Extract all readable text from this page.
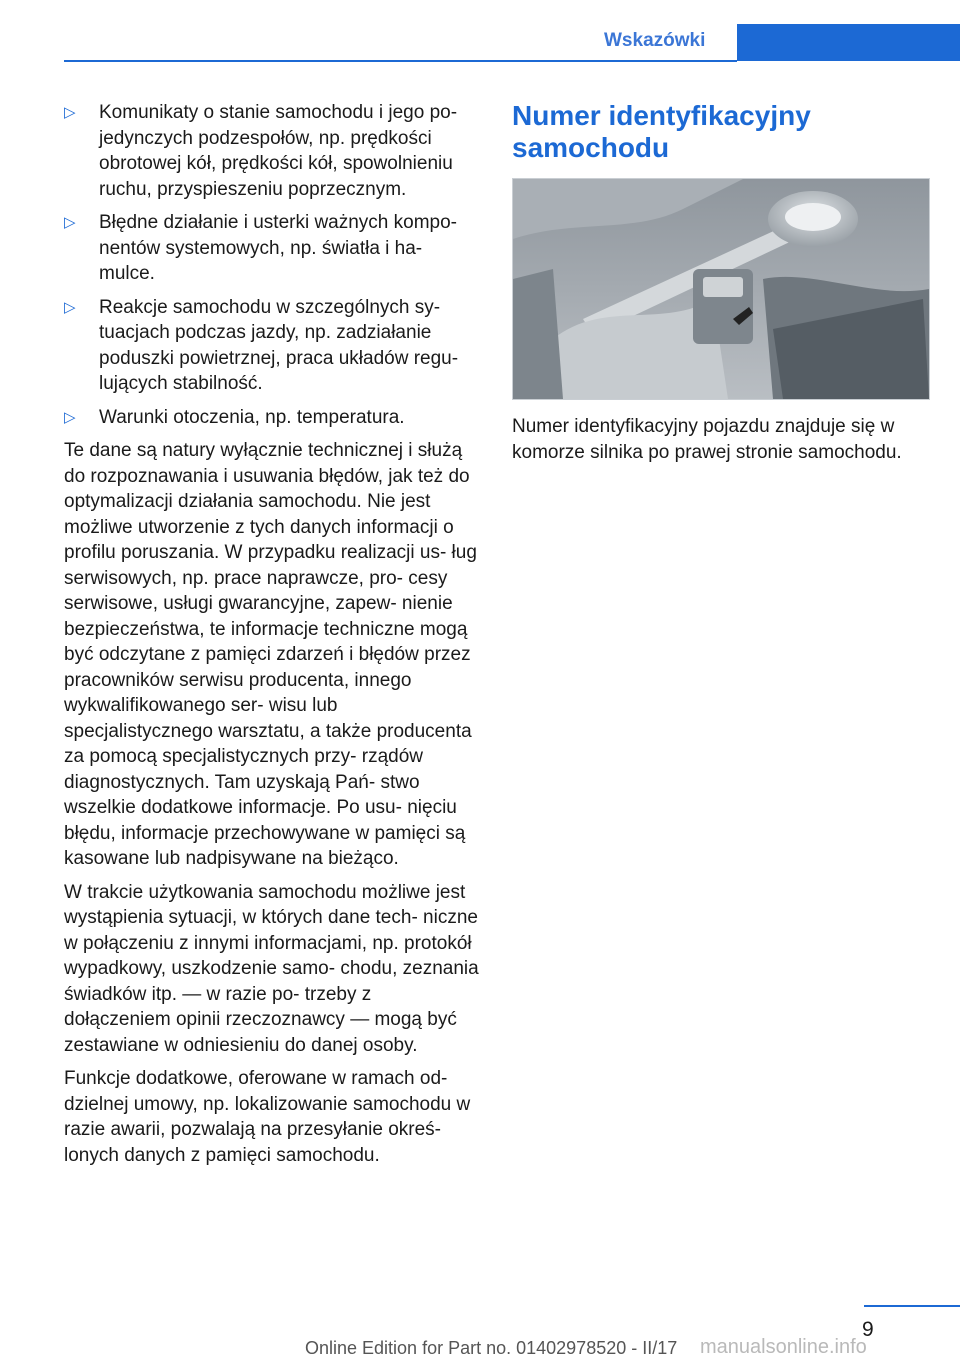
Wskazówki
▷ Komunikaty o stanie samochodu i jego po‐ jedynczych podzespołów, np. prędkości obrotowej kół, prędkości kół, spowolnieniu ruchu, przyspieszeniu poprzecznym.
▷ Błędne działanie i usterki ważnych kompo‐ nentów systemowych, np. światła i ha‐ mulce.
▷ Reakcje samochodu w szczególnych sy‐ tuacjach podczas jazdy, np. zadziałanie poduszki powietrznej, praca układów regu‐ lujących stabilność.
▷ Warunki otoczenia, np. temperatura.

Te dane są natury wyłącznie technicznej i służą do rozpoznawania i usuwania błędów, jak też do optymalizacji działania samochodu. Nie jest możliwe utworzenie z tych danych informacji o profilu poruszania. W przypadku realizacji us‐ ług serwisowych, np. prace naprawcze, pro‐ cesy serwisowe, usługi gwarancyjne, zapew‐ nienie bezpieczeństwa, te informacje techniczne mogą być odczytane z pamięci zdarzeń i błędów przez pracowników serwisu producenta, innego wykwalifikowanego ser‐ wisu lub specjalistycznego warsztatu, a także producenta za pomocą specjalistycznych przy‐ rządów diagnostycznych. Tam uzyskają Pań‐ stwo wszelkie dodatkowe informacje. Po usu‐ nięciu błędu, informacje przechowywane w pamięci są kasowane lub nadpisywane na bieżąco.

W trakcie użytkowania samochodu możliwe jest wystąpienia sytuacji, w których dane tech‐ niczne w połączeniu z innymi informacjami, np. protokół wypadkowy, uszkodzenie samo‐ chodu, zeznania świadków itp. — w razie po‐ trzeby z dołączeniem opinii rzeczoznawcy — mogą być zestawiane w odniesieniu do danej osoby.

Funkcje dodatkowe, oferowane w ramach od‐ dzielnej umowy, np. lokalizowanie samochodu w razie awarii, pozwalają na przesyłanie okreś‐ lonych danych z pamięci samochodu.

Numer identyfikacyjny samochodu

Numer identyfikacyjny pojazdu znajduje się w komorze silnika po prawej stronie samochodu.

9
Online Edition for Part no. 01402978520 - II/17 manualsonline.info
